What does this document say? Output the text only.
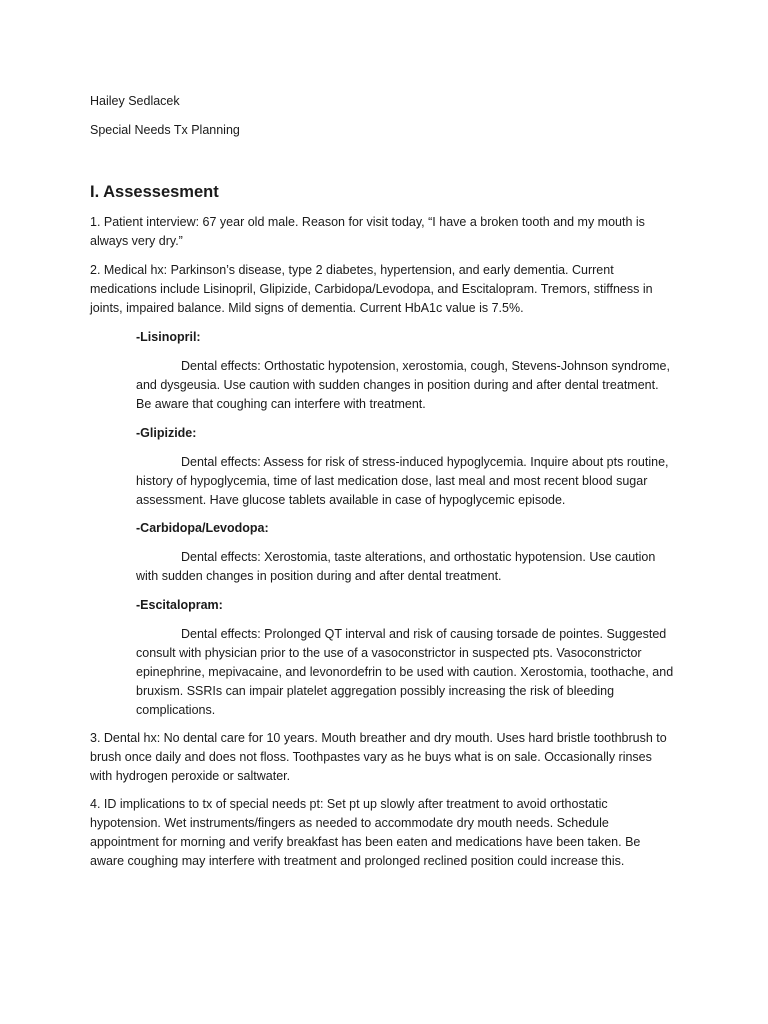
Hailey Sedlacek

Special Needs Tx Planning

I. Assessesment

1. Patient interview: 67 year old male. Reason for visit today, “I have a broken tooth and my mouth is always very dry.”

2. Medical hx: Parkinson’s disease, type 2 diabetes, hypertension, and early dementia. Current medications include Lisinopril, Glipizide, Carbidopa/Levodopa, and Escitalopram. Tremors, stiffness in joints, impaired balance. Mild signs of dementia. Current HbA1c value is 7.5%.

-Lisinopril:

Dental effects: Orthostatic hypotension, xerostomia, cough, Stevens-Johnson syndrome, and dysgeusia. Use caution with sudden changes in position during and after dental treatment. Be aware that coughing can interfere with treatment.

-Glipizide:

Dental effects: Assess for risk of stress-induced hypoglycemia. Inquire about pts routine, history of hypoglycemia, time of last medication dose, last meal and most recent blood sugar assessment. Have glucose tablets available in case of hypoglycemic episode.

-Carbidopa/Levodopa:

Dental effects: Xerostomia, taste alterations, and orthostatic hypotension. Use caution with sudden changes in position during and after dental treatment.

-Escitalopram:

Dental effects: Prolonged QT interval and risk of causing torsade de pointes. Suggested consult with physician prior to the use of a vasoconstrictor in suspected pts. Vasoconstrictor epinephrine, mepivacaine, and levonordefrin to be used with caution. Xerostomia, toothache, and bruxism. SSRIs can impair platelet aggregation possibly increasing the risk of bleeding complications.

3. Dental hx: No dental care for 10 years. Mouth breather and dry mouth. Uses hard bristle toothbrush to brush once daily and does not floss. Toothpastes vary as he buys what is on sale. Occasionally rinses with hydrogen peroxide or saltwater.

4. ID implications to tx of special needs pt: Set pt up slowly after treatment to avoid orthostatic hypotension. Wet instruments/fingers as needed to accommodate dry mouth needs. Schedule appointment for morning and verify breakfast has been eaten and medications have been taken. Be aware coughing may interfere with treatment and prolonged reclined position could increase this.
